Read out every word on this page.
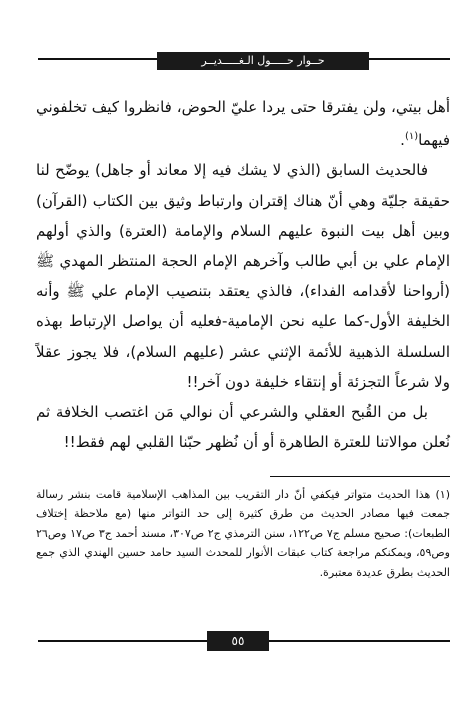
حــوار حـــــول الـغـــــديــر

أهل بيتي، ولن يفترقا حتى يردا عليّ الحوض، فانظروا كيف تخلفوني فيهما$^{(١)}$.

فالحديث السابق (الذي لا يشك فيه إلا معاند أو جاهل) يوضّح لنا حقيقة جليّة وهي أنّ هناك إقتران وارتباط وثيق بين الكتاب (القرآن) وبين أهل بيت النبوة عليهم السلام والإمامة (العترة) والذي أولهم الإمام علي بن أبي طالب وآخرهم الإمام الحجة المنتظر المهدي ﷺ (أرواحنا لأقدامه الفداء)، فالذي يعتقد بتنصيب الإمام علي ﷺ وأنه الخليفة الأول-كما عليه نحن الإمامية-فعليه أن يواصل الإرتباط بهذه السلسلة الذهبية للأئمة الإثني عشر (عليهم السلام)، فلا يجوز عقلاً ولا شرعاً التجزئة أو إنتقاء خليفة دون آخر!!

بل من القُبح العقلي والشرعي أن نوالي مَن اغتصب الخلافة ثم نُعلن موالاتنا للعترة الطاهرة أو أن نُظهر حبّنا القلبي لهم فقط!!

(١) هذا الحديث متواتر فيكفي أنّ دار التقريب بين المذاهب الإسلامية قامت بنشر رسالة جمعت فيها مصادر الحديث من طرق كثيرة إلى حد التواتر منها (مع ملاحظة إختلاف الطبعات): صحيح مسلم ج٧ ص١٢٢، سنن الترمذي ج٢ ص٣٠٧، مسند أحمد ج٣ ص١٧ وص٢٦ وص٥٩، ويمكنكم مراجعة كتاب عبقات الأنوار للمحدث السيد حامد حسين الهندي الذي جمع الحديث بطرق عديدة معتبرة.

٥٥
